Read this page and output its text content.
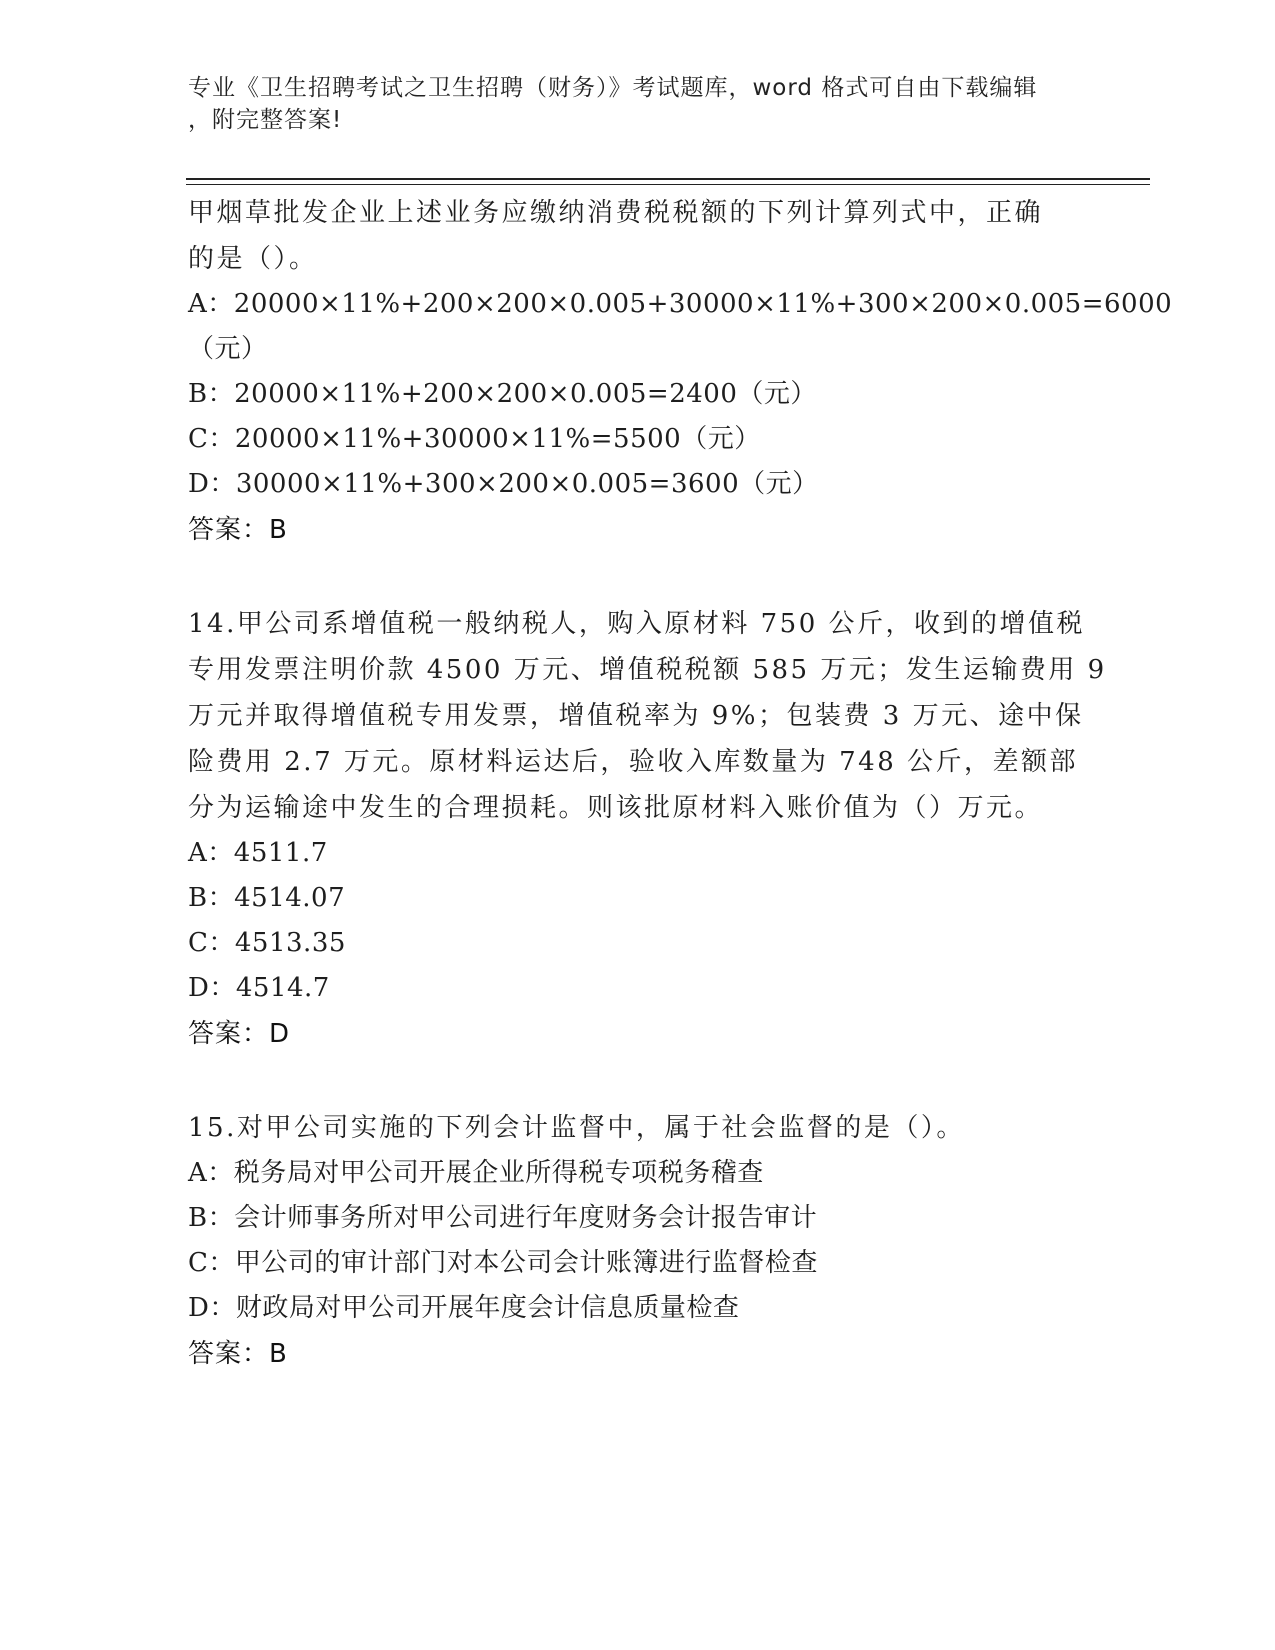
专业《卫生招聘考试之卫生招聘（财务）》考试题库，word 格式可自由下载编辑
，附完整答案!
甲烟草批发企业上述业务应缴纳消费税税额的下列计算列式中，正确
的是（）。
A：20000×11%+200×200×0.005+30000×11%+300×200×0.005=6000
（元）
B：20000×11%+200×200×0.005=2400（元）
C：20000×11%+30000×11%=5500（元）
D：30000×11%+300×200×0.005=3600（元）
答案：B
14.甲公司系增值税一般纳税人，购入原材料 750 公斤，收到的增值税
专用发票注明价款 4500 万元、增值税税额 585 万元；发生运输费用 9
万元并取得增值税专用发票，增值税率为 9%；包装费 3 万元、途中保
险费用 2.7 万元。原材料运达后，验收入库数量为 748 公斤，差额部
分为运输途中发生的合理损耗。则该批原材料入账价值为（）万元。
A：4511.7
B：4514.07
C：4513.35
D：4514.7
答案：D
15.对甲公司实施的下列会计监督中，属于社会监督的是（）。
A：税务局对甲公司开展企业所得税专项税务稽查
B：会计师事务所对甲公司进行年度财务会计报告审计
C：甲公司的审计部门对本公司会计账簿进行监督检查
D：财政局对甲公司开展年度会计信息质量检查
答案：B
